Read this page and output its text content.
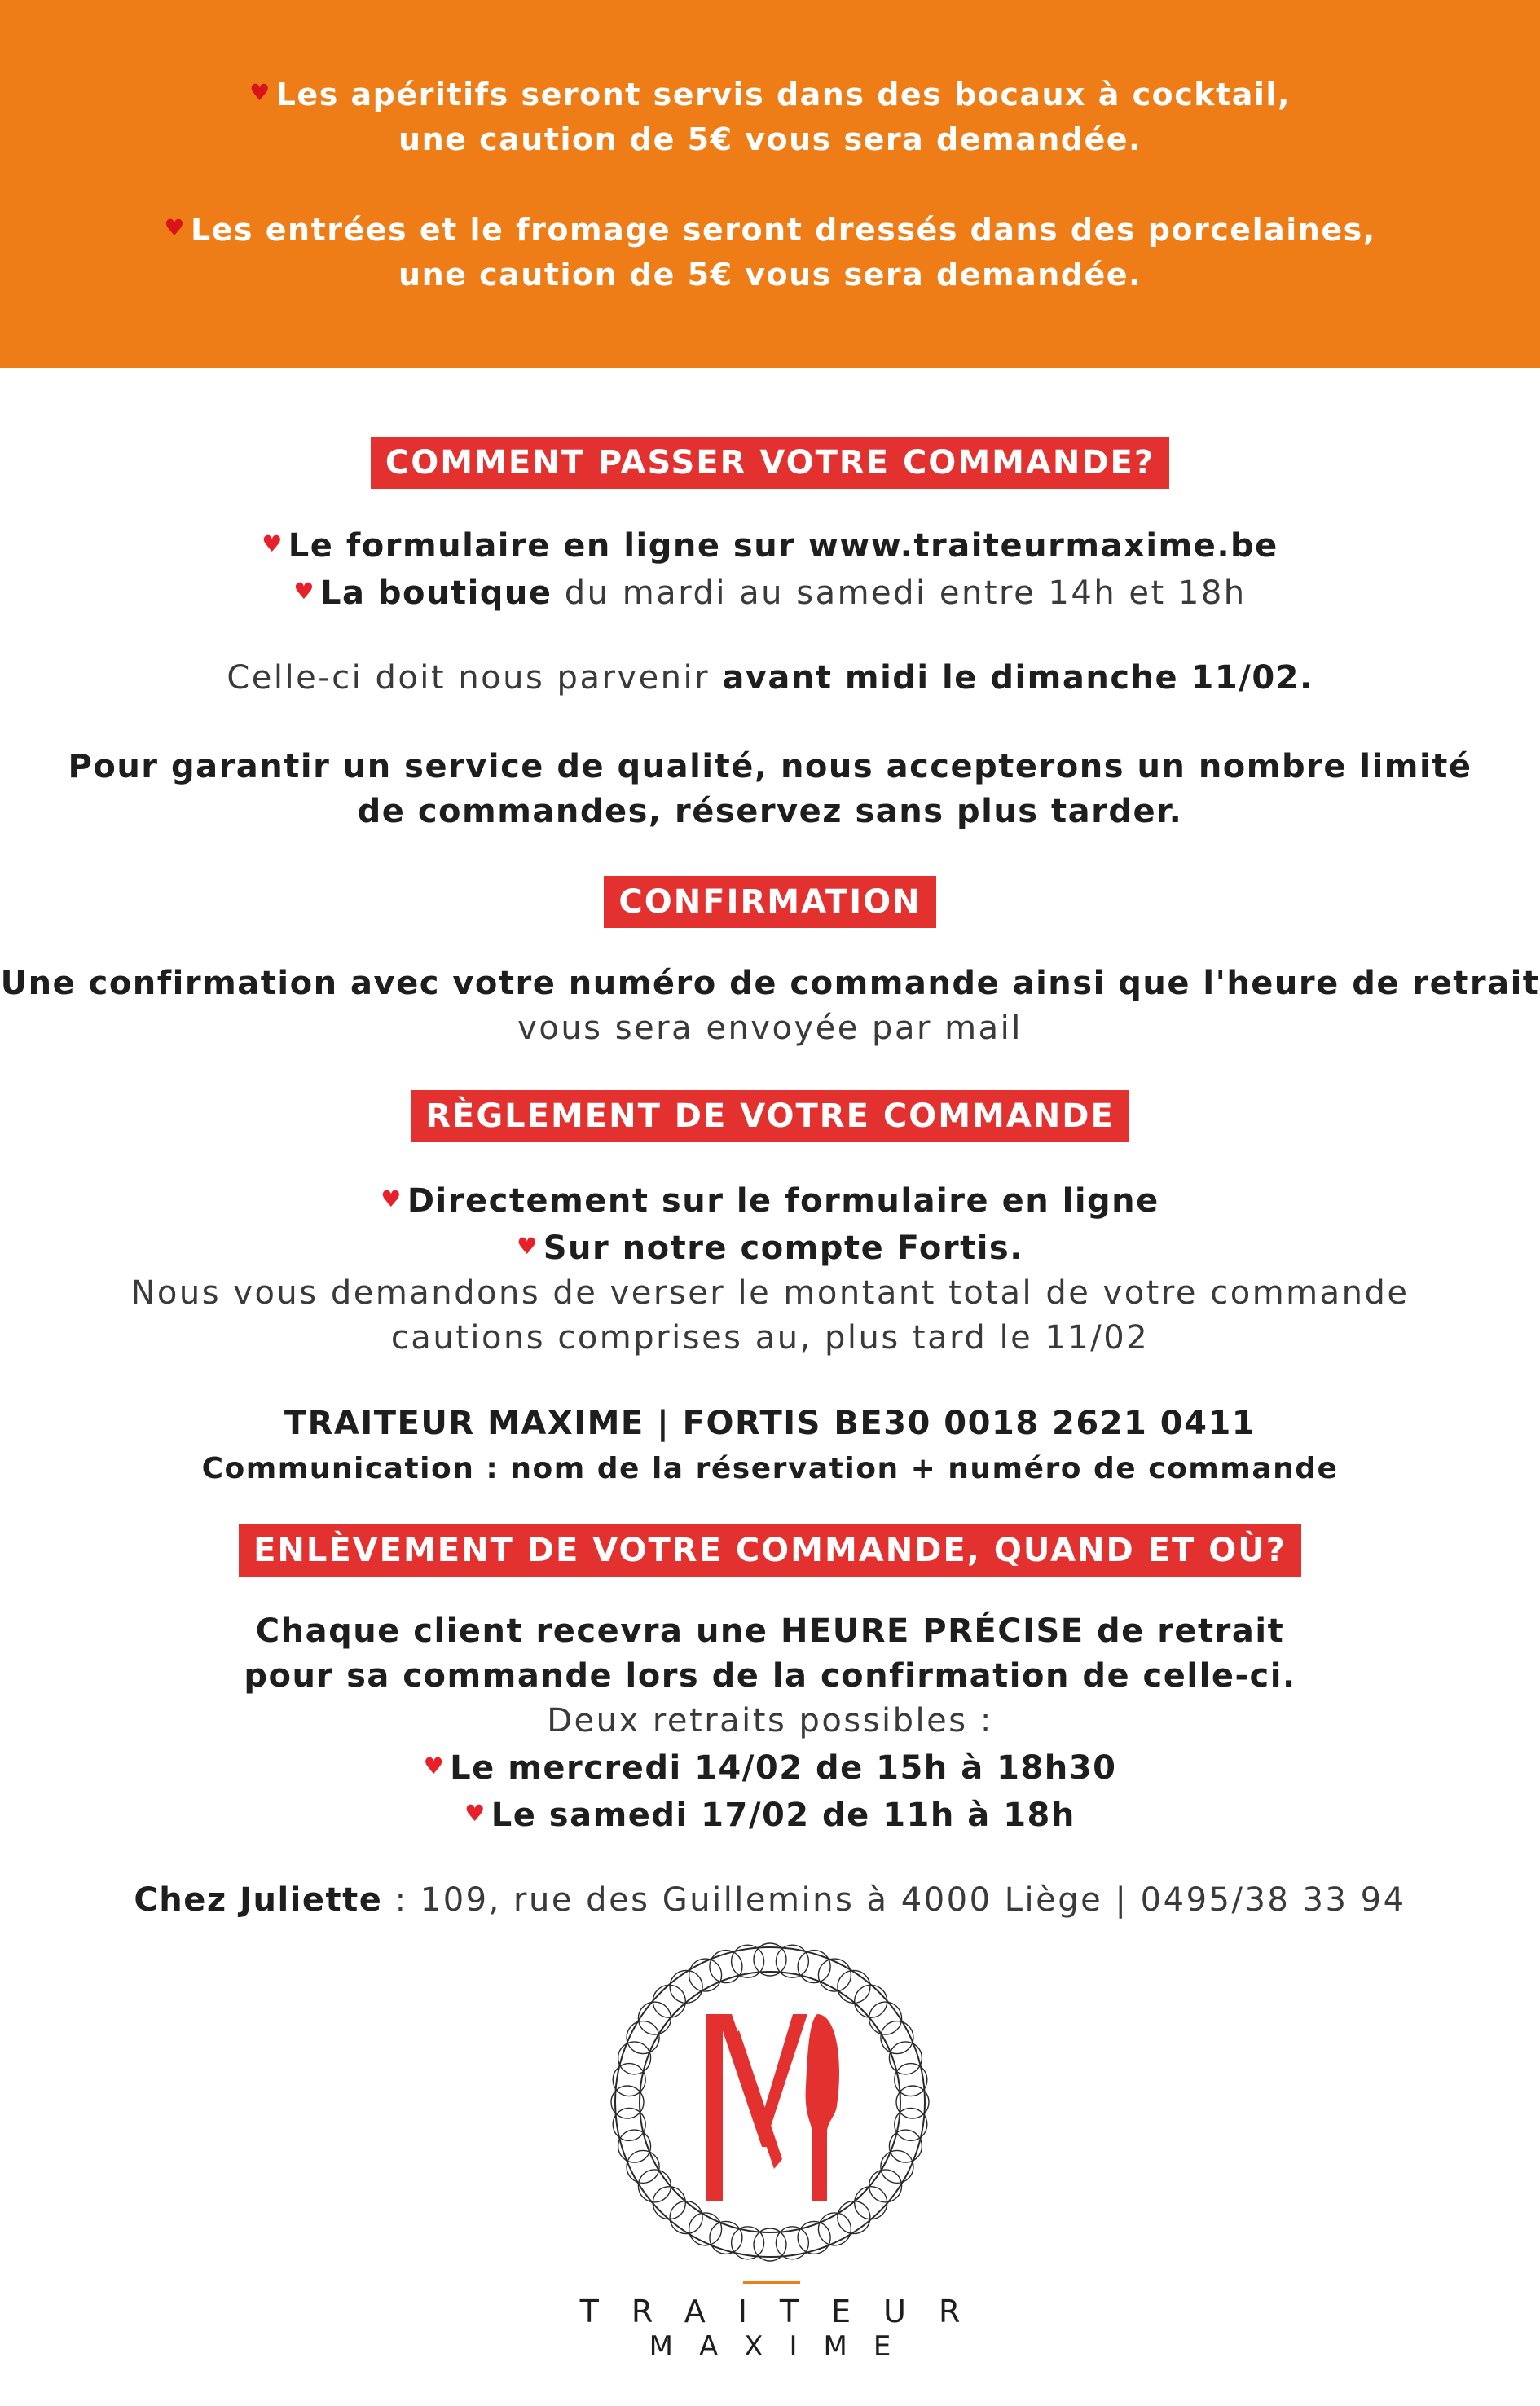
♥ Les apéritifs seront servis dans des bocaux à cocktail,
une caution de 5€ vous sera demandée.
♥ Les entrées et le fromage seront dressés dans des porcelaines,
une caution de 5€ vous sera demandée.
COMMENT PASSER VOTRE COMMANDE?
♥ Le formulaire en ligne sur www.traiteurmaxime.be
♥ La boutique du mardi au samedi entre 14h et 18h
Celle-ci doit nous parvenir avant midi le dimanche 11/02.
Pour garantir un service de qualité, nous accepterons un nombre limité
de commandes, réservez sans plus tarder.
CONFIRMATION
Une confirmation avec votre numéro de commande ainsi que l'heure de retrait
vous sera envoyée par mail
RÈGLEMENT DE VOTRE COMMANDE
♥ Directement sur le formulaire en ligne
♥ Sur notre compte Fortis.
Nous vous demandons de verser le montant total de votre commande
cautions comprises au, plus tard le 11/02
TRAITEUR MAXIME | FORTIS BE30 0018 2621 0411
Communication : nom de la réservation + numéro de commande
ENLÈVEMENT DE VOTRE COMMANDE, QUAND ET OÙ?
Chaque client recevra une HEURE PRÉCISE de retrait
pour sa commande lors de la confirmation de celle-ci.
Deux retraits possibles :
♥ Le mercredi 14/02 de 15h à 18h30
♥ Le samedi 17/02 de 11h à 18h
Chez Juliette : 109, rue des Guillemins à 4000 Liège | 0495/38 33 94
TRAITEUR
MAXIME
